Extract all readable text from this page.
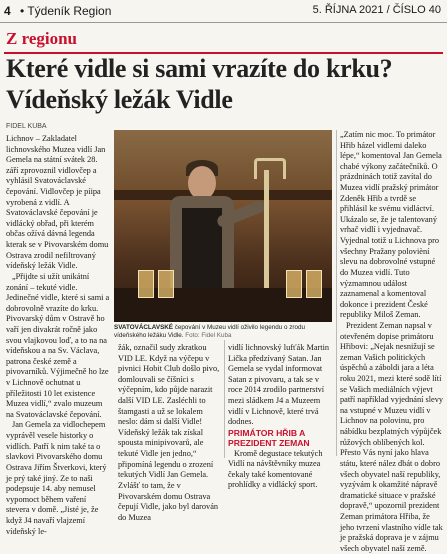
4 • Týdeník Region	5. ŘÍJNA 2021 / ČÍSLO 40
Z regionu
Které vidle si sami vrazíte do krku? Vídeňský ležák Vidle
FIDEL KUBA

Lichnov – Zakladatel lichnovského Muzea vidlí Jan Gemela na státní svátek 28. září zprovoznil vidlovčep a vyhlásil Svatováclavské čepování. Vidlovčep je píipa vyrobená z vidlí. A Svatováclavské čepování je vidlácký obřad, při kterém občas ožívá dávná legenda kterak se v Pivovarském domu Ostrava zrodil nefiltrovaný vídeňský ležák Vidle.

„Přijdte si užít unikátní zonání – tekuté vidle. Jedinečné vidle, které si sami a dobrovolně vrazíte do krku. Pivovarský dům v Ostravě ho vaří jen divakrát ročně jako svou vlajkovou loď, a to na na vídeňskou a na Sv. Václava, patrona české země a pivovarníků. Výjimečně ho lze v Lichnově ochutnat u příležitosti 10 let existence Muzea vidlí,“ zvalo muzeum na Svatováclavské čepování.

Jan Gemela za vidlochepem vyprávěl vesele historky o vidlích. Patří k nim také ta o slavkovi Pivovarského domu Ostrava Jiřím Štverkovi, který je prý také jiný. Ze to naši podepsuje 14. aby nemusel vypomoct během vaření stevera v domě. „Jisté je, že když J4 navaří vlajzemí vídeňský le-

SVATOVÁCLAVSKÉ čepování v Muzeu vidlí oživilo legendu o zrodu vídeňského ležáku Vidle. Foto: Fidel Kuba

žák, označil sudy zkratkou VID LE. Když na výčepu v pivnici Hobit Club došlo pivo, domlouvali se číšníci s výčepním, kdo půjde narazit další VID LE. Zasléchli to štamgasti a už se lokalem neslo: dám si další Vidle! Vídeňský ležák tak získal spousta minipivovarů, ale tekuté Vidle jen jedno,“ připomíná legendu o zrození tekutých Vidlí Jan Gemela. Zvlášť to tam, že v Pivovarském domu Ostrava čepují Vidle, jako byl darován do Muzea

vidlí lichnovský lufťák Martin Lička předzívaný Satan. Jan Gemela se vydal informovat Satan z pivovaru, a tak se v roce 2014 zrodilo partnerství mezi sládkem J4 a Muzeem vidlí v Lichnově, které trvá dodnes.

PRIMÁTOR HŘIB A PREZIDENT ZEMAN

Kromě degustace tekutých Vidlí na návštěvníky muzea čekaly také komentované prohlídky a vidlácký sport.

„Zatím nic moc. To primátor Hřib házel vidlemi daleko lépe,“ komentoval Jan Gemela chabé výkony začátečníků. O prázdninách totiž zavítal do Muzea vidlí pražský primátor Zdeněk Hřib a tvrdě se přihlásil ke svému vidláctví. Ukázalo se, že je talentovaný vrhač vidlí i vyjednavač. Vyjednal totiž u Lichnova pro všechny Pražany polovièní slevu na dobrovolné vstupné do Muzea vidlí. Tuto výzmamnou událost zaznamenal a komentoval dokonce i prezident České republiky Miloš Zeman.

Prezident Zeman napsal v otevřeném dopise primátoru Hřibovi: „Nejak nesnižují se zeman Vašich politických úspěchů a záboldi jara a léta roku 2021, mezi které sodě lítí se Vašich mediálních výjevt patří například vyjednání slevy na vstupné v Muzeu vidlí v Lichnov na polovinu, pro nábídku bezplatných výpůjček růžových oblíbených kol. Přesto Vás nyní jako hlava státu, které nález dbát o dobro všech obyvatel naší republiky, vyzývám k okamžité nápravě dramatické situace v pražské dopravě,“ upozornil prezident Zeman primátora Hřiba, že jeho tvrzení vlastního vídle tak je pražská doprava je v zájmu všech obyvatel naší země.
